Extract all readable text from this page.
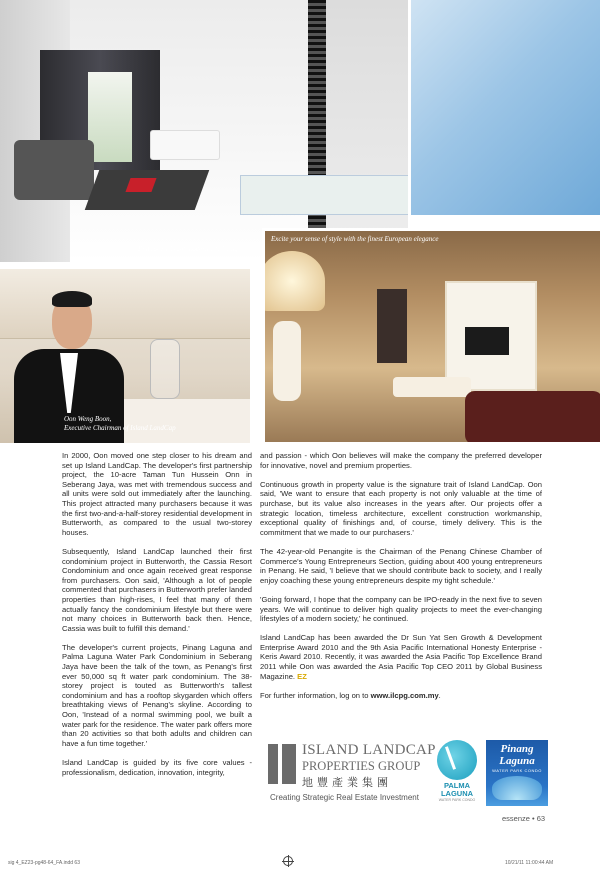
Embrace vibrant modern city living
Oon Weng Boon,
Executive Chairman of Island LandCap
Excite your sense of style with the finest European elegance

In 2000, Oon moved one step closer to his dream and set up Island LandCap. The developer's first partnership project, the 10-acre Taman Tun Hussein Onn in Seberang Jaya, was met with tremendous success and all units were sold out immediately after the launching. This project attracted many purchasers because it was the first two-and-a-half-storey residential development in Butterworth, as compared to the usual two-storey houses.

Subsequently, Island LandCap launched their first condominium project in Butterworth, the Cassia Resort Condominium and once again received great response from purchasers. Oon said, 'Although a lot of people commented that purchasers in Butterworth prefer landed properties than high-rises, I feel that many of them actually fancy the condominium lifestyle but there were not many choices in Butterworth back then. Hence, Cassia was built to fulfill this demand.'

The developer's current projects, Pinang Laguna and Palma Laguna Water Park Condominium in Seberang Jaya have been the talk of the town, as Penang's first ever 50,000 sq ft water park condominium. The 38-storey project is touted as Butterworth's tallest condominium and has a rooftop skygarden which offers breathtaking views of Penang's skyline. According to Oon, 'Instead of a normal swimming pool, we built a water park for the residence. The water park offers more than 20 activities so that both adults and children can have a fun time together.'

Island LandCap is guided by its five core values - professionalism, dedication, innovation, integrity,

and passion - which Oon believes will make the company the preferred developer for innovative, novel and premium properties.

Continuous growth in property value is the signature trait of Island LandCap. Oon said, 'We want to ensure that each property is not only valuable at the time of purchase, but its value also increases in the years after. Our projects offer a strategic location, timeless architecture, excellent construction workmanship, exceptional quality of finishings and, of course, timely delivery. This is the commitment that we made to our purchasers.'

The 42-year-old Penangite is the Chairman of the Penang Chinese Chamber of Commerce's Young Entrepreneurs Section, guiding about 400 young entrepreneurs in Penang. He said, 'I believe that we should contribute back to society, and I really enjoy coaching these young entrepreneurs despite my tight schedule.'

'Going forward, I hope that the company can be IPO-ready in the next five to seven years. We will continue to deliver high quality projects to meet the ever-changing lifestyles of a modern society,' he continued.

Island LandCap has been awarded the Dr Sun Yat Sen Growth & Development Enterprise Award 2010 and the 9th Asia Pacific International Honesty Enterprise - Keris Award 2010. Recently, it was awarded the Asia Pacific Top Excellence Brand 2011 while Oon was awarded the Asia Pacific Top CEO 2011 by Global Business Magazine. EZ

For further information, log on to www.ilcpg.com.my.

ISLAND LANDCAP
PROPERTIES GROUP
地豐產業集團
Creating Strategic Real Estate Investment
PALMA
LAGUNA
WATER PARK CONDO
Pinang
Laguna
WATER PARK CONDO
essenze • 63
sig 4_EZ23-pg48-64_FA.indd 63	10/21/11 11:00:44 AM
